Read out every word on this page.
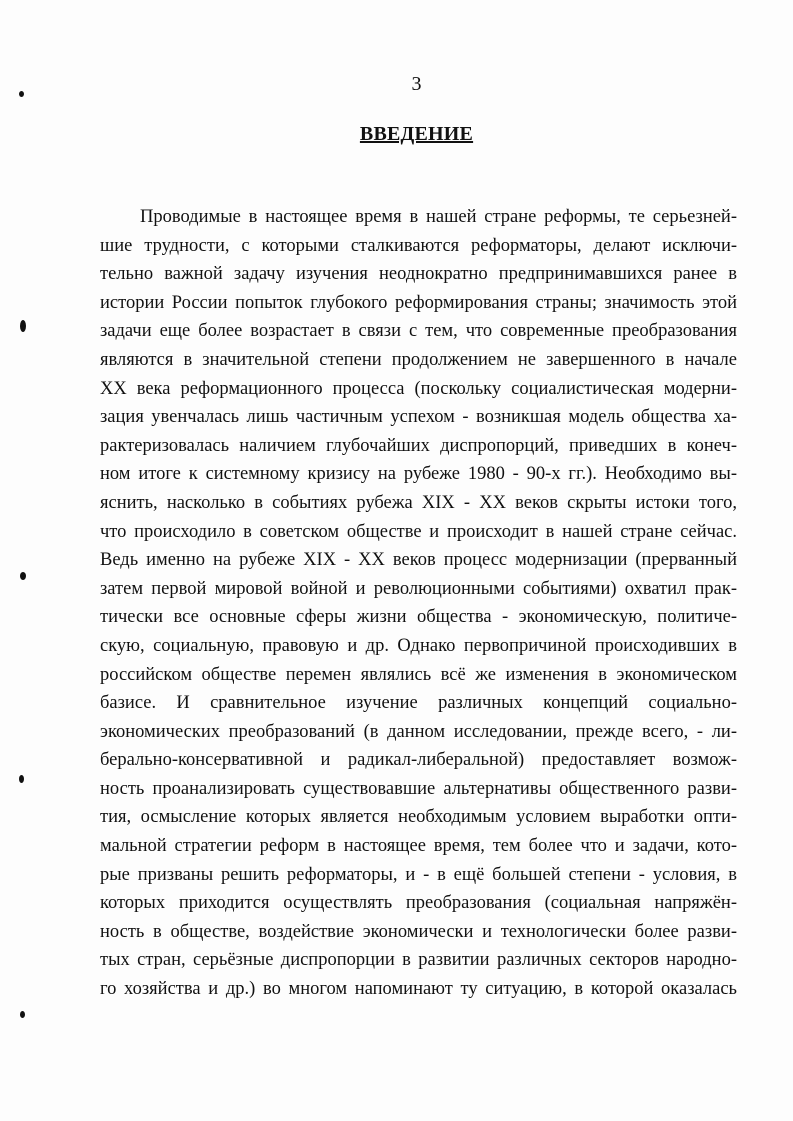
3
ВВЕДЕНИЕ
Проводимые в настоящее время в нашей стране реформы, те серьезней-
шие трудности, с которыми сталкиваются реформаторы, делают исключи-
тельно важной задачу изучения неоднократно предпринимавшихся ранее в
истории России попыток глубокого реформирования страны; значимость этой
задачи еще более возрастает в связи с тем, что современные преобразования
являются в значительной степени продолжением не завершенного в начале
XX века реформационного процесса (поскольку социалистическая модерни-
зация увенчалась лишь частичным успехом - возникшая модель общества ха-
рактеризовалась наличием глубочайших диспропорций, приведших в конеч-
ном итоге к системному кризису на рубеже 1980 - 90-х гг.). Необходимо вы-
яснить, насколько в событиях рубежа XIX - XX веков скрыты истоки того,
что происходило в советском обществе и происходит в нашей стране сейчас.
Ведь именно на рубеже XIX - XX веков процесс модернизации (прерванный
затем первой мировой войной и революционными событиями) охватил прак-
тически все основные сферы жизни общества - экономическую, политиче-
скую, социальную, правовую и др. Однако первопричиной происходивших в
российском обществе перемен являлись всё же изменения в экономическом
базисе. И сравнительное изучение различных концепций социально-
экономических преобразований (в данном исследовании, прежде всего, - ли-
берально-консервативной и радикал-либеральной) предоставляет возмож-
ность проанализировать существовавшие альтернативы общественного разви-
тия, осмысление которых является необходимым условием выработки опти-
мальной стратегии реформ в настоящее время, тем более что и задачи, кото-
рые призваны решить реформаторы, и - в ещё большей степени - условия, в
которых приходится осуществлять преобразования (социальная напряжён-
ность в обществе, воздействие экономически и технологически более разви-
тых стран, серьёзные диспропорции в развитии различных секторов народно-
го хозяйства и др.) во многом напоминают ту ситуацию, в которой оказалась
